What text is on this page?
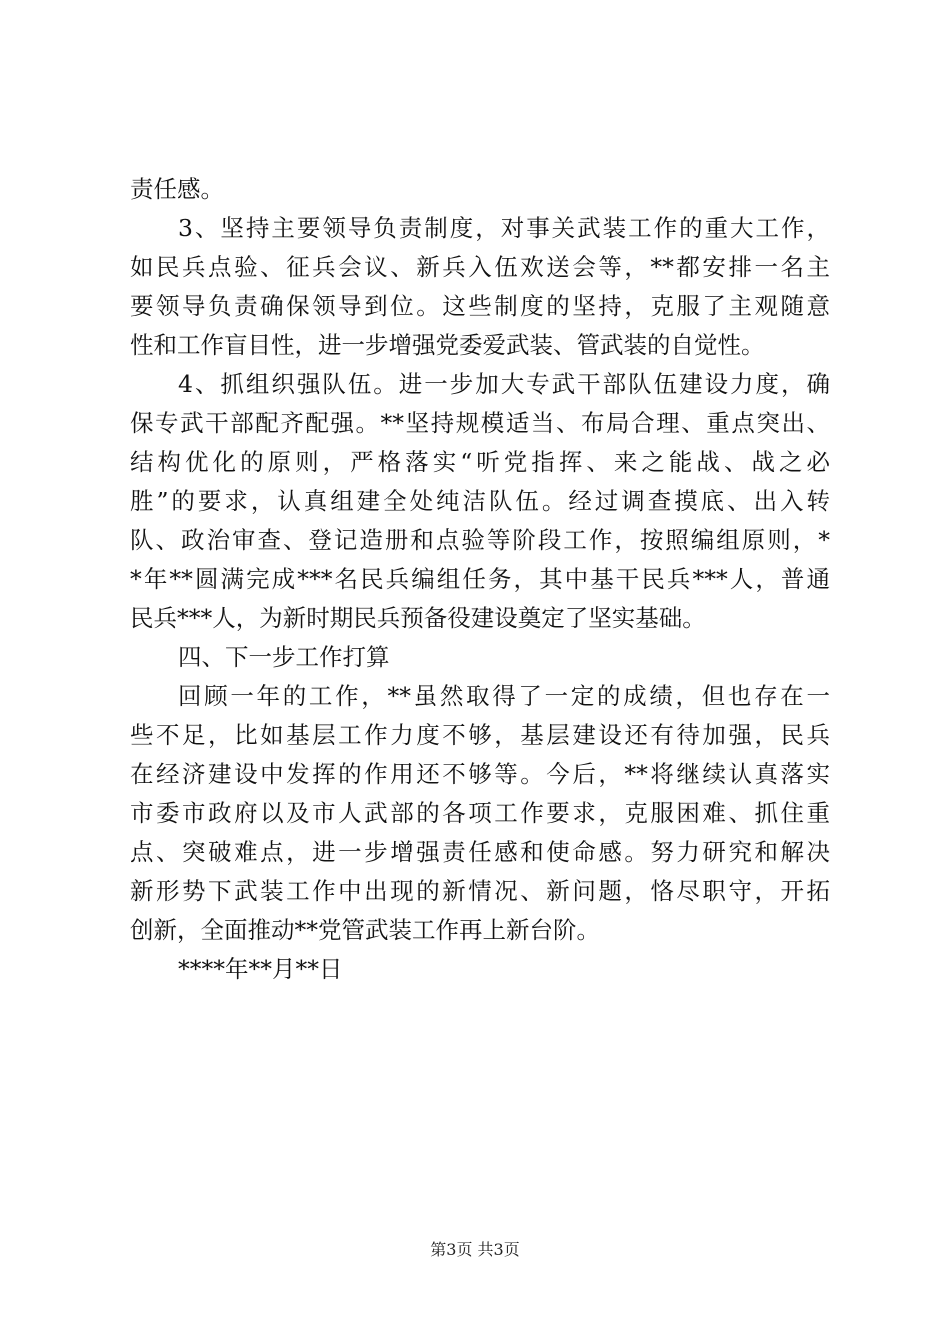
责任感。
3、坚持主要领导负责制度，对事关武装工作的重大工作，
如民兵点验、征兵会议、新兵入伍欢送会等，**都安排一名主
要领导负责确保领导到位。这些制度的坚持，克服了主观随意
性和工作盲目性，进一步增强党委爱武装、管武装的自觉性。
4、抓组织强队伍。进一步加大专武干部队伍建设力度，确
保专武干部配齐配强。**坚持规模适当、布局合理、重点突出、
结构优化的原则，严格落实“听党指挥、来之能战、战之必
胜”的要求，认真组建全处纯洁队伍。经过调查摸底、出入转
队、政治审查、登记造册和点验等阶段工作，按照编组原则，*
*年**圆满完成***名民兵编组任务，其中基干民兵***人，普通
民兵***人，为新时期民兵预备役建设奠定了坚实基础。
四、下一步工作打算
回顾一年的工作，**虽然取得了一定的成绩，但也存在一
些不足，比如基层工作力度不够，基层建设还有待加强，民兵
在经济建设中发挥的作用还不够等。今后，**将继续认真落实
市委市政府以及市人武部的各项工作要求，克服困难、抓住重
点、突破难点，进一步增强责任感和使命感。努力研究和解决
新形势下武装工作中出现的新情况、新问题，恪尽职守，开拓
创新，全面推动**党管武装工作再上新台阶。
****年**月**日
第3页 共3页
